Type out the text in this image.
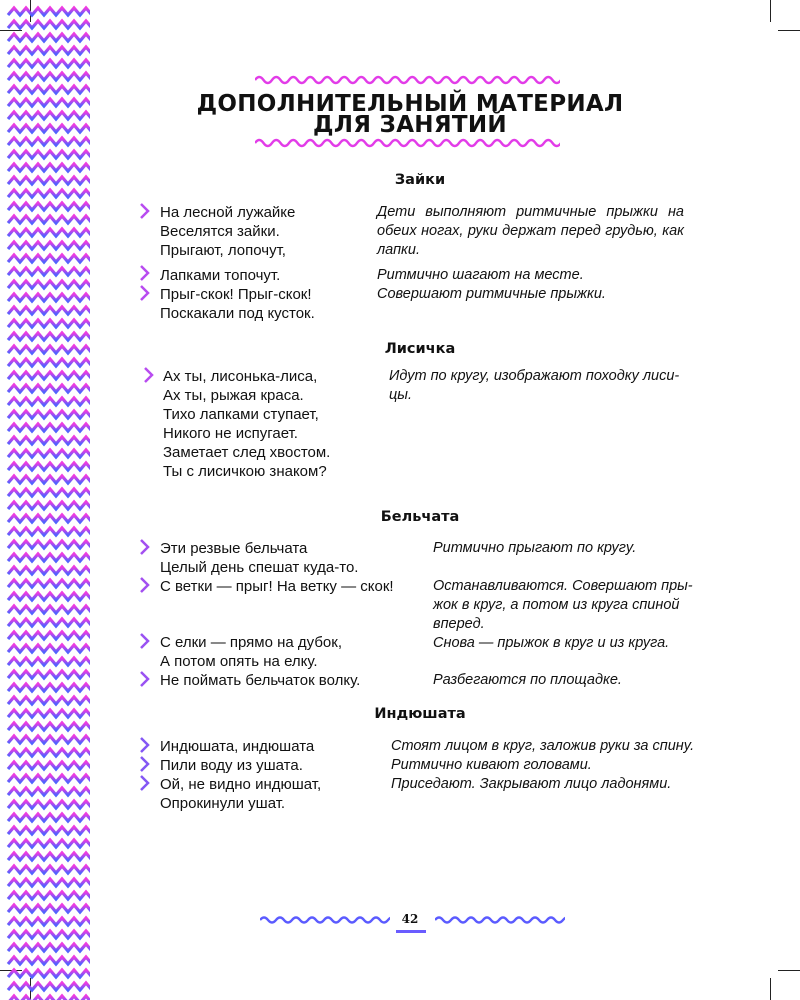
ДОПОЛНИТЕЛЬНЫЙ МАТЕРИАЛ
ДЛЯ ЗАНЯТИЙ
Зайки
На лесной лужайке
Веселятся зайки.
Прыгают, лопочут,
Лапками топочут.
Прыг-скок! Прыг-скок!
Поскакали под кусток.
Дети выполняют ритмичные прыжки на обеих ногах, руки держат перед грудью, как лапки.
Ритмично шагают на месте.
Совершают ритмичные прыжки.
Лисичка
Ах ты, лисонька-лиса,
Ах ты, рыжая краса.
Тихо лапками ступает,
Никого не испугает.
Заметает след хвостом.
Ты с лисичкою знаком?
Идут по кругу, изображают походку лиси-
цы.
Бельчата
Эти резвые бельчата
Целый день спешат куда-то.
С ветки — прыг! На ветку — скок!
С елки — прямо на дубок,
А потом опять на елку.
Не поймать бельчаток волку.
Ритмично прыгают по кругу.
Останавливаются. Совершают пры-
жок в круг, а потом из круга спиной
вперед.
Снова — прыжок в круг и из круга.
Разбегаются по площадке.
Индюшата
Индюшата, индюшата
Пили воду из ушата.
Ой, не видно индюшат,
Опрокинули ушат.
Стоят лицом в круг, заложив руки за спину.
Ритмично кивают головами.
Приседают. Закрывают лицо ладонями.
42
